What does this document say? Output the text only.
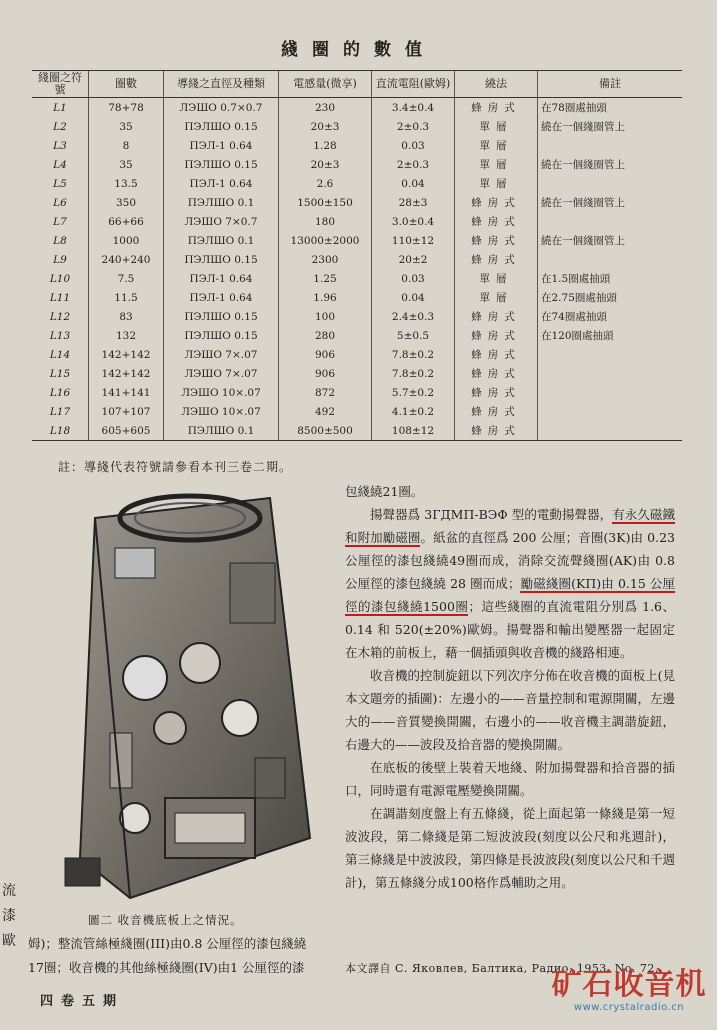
綫圈的數值
綫圈之符號	圈數	導綫之直徑及種類	電感量(微享)	直流電阻(歐姆)	繞法	備註
L1	78+78	ЛЭШО 0.7×0.7	230	3.4±0.4	蜂房式	在78圈處抽頭
L2	35	ПЭЛШО 0.15	20±3	2±0.3	單層	繞在一個綫圈管上
L3	8	ПЭЛ-1 0.64	1.28	0.03	單層	
L4	35	ПЭЛШО 0.15	20±3	2±0.3	單層	繞在一個綫圈管上
L5	13.5	ПЭЛ-1 0.64	2.6	0.04	單層	
L6	350	ПЭЛШО 0.1	1500±150	28±3	蜂房式	繞在一個綫圈管上
L7	66+66	ЛЭШО 7×0.7	180	3.0±0.4	蜂房式	
L8	1000	ПЭЛШО 0.1	13000±2000	110±12	蜂房式	繞在一個綫圈管上
L9	240+240	ПЭЛШО 0.15	2300	20±2	蜂房式	
L10	7.5	ПЭЛ-1 0.64	1.25	0.03	單層	在1.5圈處抽頭
L11	11.5	ПЭЛ-1 0.64	1.96	0.04	單層	在2.75圈處抽頭
L12	83	ПЭЛШО 0.15	100	2.4±0.3	蜂房式	在74圈處抽頭
L13	132	ПЭЛШО 0.15	280	5±0.5	蜂房式	在120圈處抽頭
L14	142+142	ЛЭШО 7×.07	906	7.8±0.2	蜂房式	
L15	142+142	ЛЭШО 7×.07	906	7.8±0.2	蜂房式	
L16	141+141	ЛЭШО 10×.07	872	5.7±0.2	蜂房式	
L17	107+107	ЛЭШО 10×.07	492	4.1±0.2	蜂房式	
L18	605+605	ПЭЛШО 0.1	8500±500	108±12	蜂房式	
註：導綫代表符號請參看本刊三卷二期。
圖二 收音機底板上之情況。
流
漆
歐 姆)；整流管絲極綫圈(III)由0.8 公厘徑的漆包綫繞
17圈；收音機的其他絲極綫圈(IV)由1 公厘徑的漆

包綫繞21圈。

揚聲器爲 3ГДМП-ВЭФ 型的電動揚聲器，有永久磁鐵和附加勵磁圈。紙盆的直徑爲 200 公厘；音圈(3K)由 0.23 公厘徑的漆包綫繞49圈而成，消除交流聲綫圈(AK)由 0.8 公厘徑的漆包綫繞 28 圈而成；勵磁綫圈(KП)由 0.15 公厘徑的漆包綫繞1500圈；這些綫圈的直流電阻分別爲 1.6、0.14 和 520(±20%)歐姆。揚聲器和輸出變壓器一起固定在木箱的前板上，藉一個插頭與收音機的綫路相連。

收音機的控制旋鈕以下列次序分佈在收音機的面板上(見本文題旁的插圖)：左邊小的——音量控制和電源開關，左邊大的——音質變換開關，右邊小的——收音機主調諧旋鈕，右邊大的——波段及拾音器的變換開關。

在底板的後壁上裝着天地綫、附加揚聲器和拾音器的插口，同時還有電源電壓變換開關。

在調諧刻度盤上有五條綫，從上面起第一條綫是第一短波波段，第二條綫是第二短波波段(刻度以公尺和兆週計)，第三條綫是中波波段，第四條是長波波段(刻度以公尺和千週計)，第五條綫分成100格作爲輔助之用。

本文譯自 С. Яковлев, Балтика, Радио, 1953, No. 72.
四卷五期	矿石收音机
www.crystalradio.cn
